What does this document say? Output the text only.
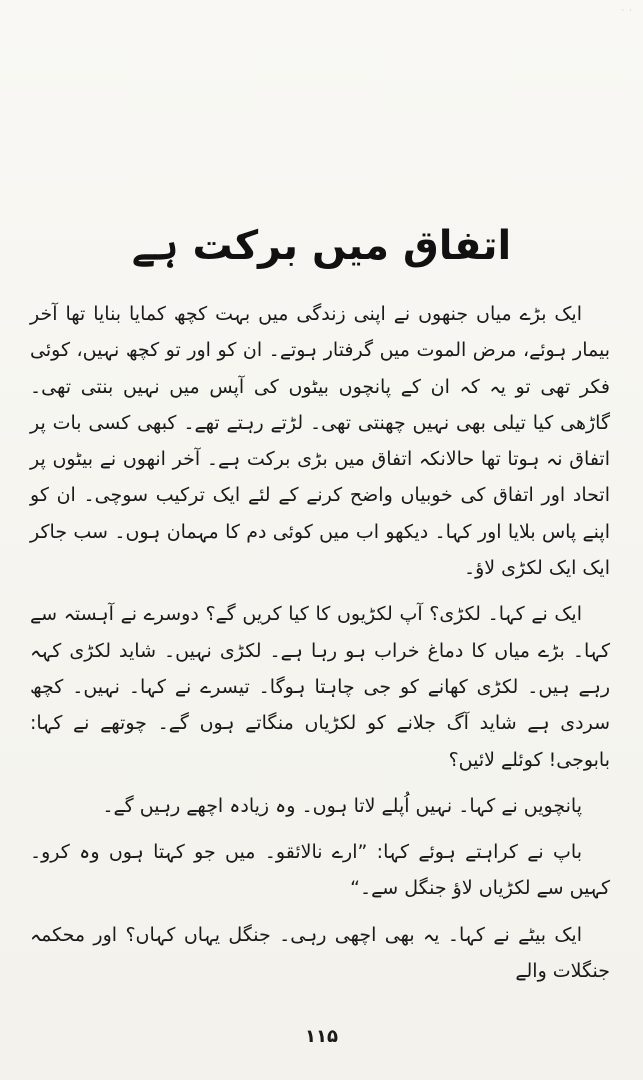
· ·
اتفاق میں برکت ہے

ایک بڑے میاں جنھوں نے اپنی زندگی میں بہت کچھ کمایا بنایا تھا آخر بیمار ہوئے، مرض الموت میں گرفتار ہوتے۔ ان کو اور تو کچھ نہیں، کوئی فکر تھی تو یہ کہ ان کے پانچوں بیٹوں کی آپس میں نہیں بنتی تھی۔ گاڑھی کیا تیلی بھی نہیں چھنتی تھی۔ لڑتے رہتے تھے۔ کبھی کسی بات پر اتفاق نہ ہوتا تھا حالانکہ اتفاق میں بڑی برکت ہے۔ آخر انھوں نے بیٹوں پر اتحاد اور اتفاق کی خوبیاں واضح کرنے کے لئے ایک ترکیب سوچی۔ ان کو اپنے پاس بلایا اور کہا۔ دیکھو اب میں کوئی دم کا مہمان ہوں۔ سب جاکر ایک ایک لکڑی لاؤ۔

ایک نے کہا۔ لکڑی؟ آپ لکڑیوں کا کیا کریں گے؟ دوسرے نے آہستہ سے کہا۔ بڑے میاں کا دماغ خراب ہو رہا ہے۔ لکڑی نہیں۔ شاید لکڑی کہہ رہے ہیں۔ لکڑی کھانے کو جی چاہتا ہوگا۔ تیسرے نے کہا۔ نہیں۔ کچھ سردی ہے شاید آگ جلانے کو لکڑیاں منگاتے ہوں گے۔ چوتھے نے کہا: بابوجی! کوئلے لائیں؟

پانچویں نے کہا۔ نہیں اُپلے لاتا ہوں۔ وہ زیادہ اچھے رہیں گے۔

باپ نے کراہتے ہوئے کہا: ”ارے نالائقو۔ میں جو کہتا ہوں وہ کرو۔ کہیں سے لکڑیاں لاؤ جنگل سے۔“

ایک بیٹے نے کہا۔ یہ بھی اچھی رہی۔ جنگل یہاں کہاں؟ اور محکمہ جنگلات والے

۱۱۵
